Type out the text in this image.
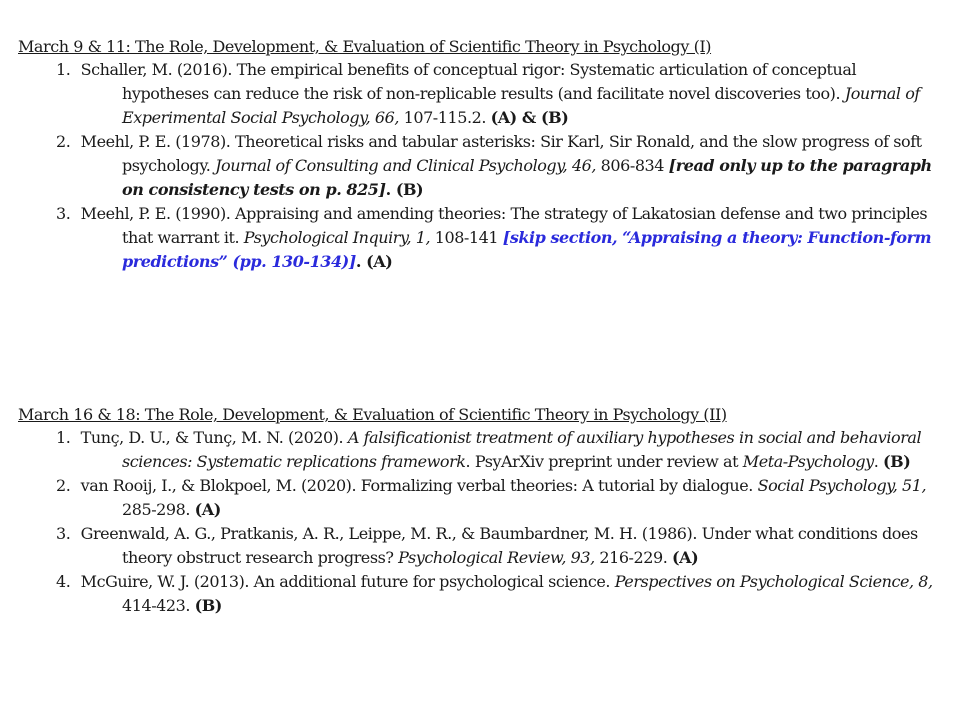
March 9 & 11: The Role, Development, & Evaluation of Scientific Theory in Psychology (I)

1. Schaller, M. (2016). The empirical benefits of conceptual rigor: Systematic articulation of conceptual hypotheses can reduce the risk of non-replicable results (and facilitate novel discoveries too). Journal of Experimental Social Psychology, 66, 107-115.2. (A) & (B)
2. Meehl, P. E. (1978). Theoretical risks and tabular asterisks: Sir Karl, Sir Ronald, and the slow progress of soft psychology. Journal of Consulting and Clinical Psychology, 46, 806-834 [read only up to the paragraph on consistency tests on p. 825]. (B)
3. Meehl, P. E. (1990). Appraising and amending theories: The strategy of Lakatosian defense and two principles that warrant it. Psychological Inquiry, 1, 108-141 [skip section, “Appraising a theory: Function-form predictions” (pp. 130-134)]. (A)

March 16 & 18: The Role, Development, & Evaluation of Scientific Theory in Psychology (II)

1. Tunç, D. U., & Tunç, M. N. (2020). A falsificationist treatment of auxiliary hypotheses in social and behavioral sciences: Systematic replications framework. PsyArXiv preprint under review at Meta-Psychology. (B)
2. van Rooij, I., & Blokpoel, M. (2020). Formalizing verbal theories: A tutorial by dialogue. Social Psychology, 51, 285-298. (A)
3. Greenwald, A. G., Pratkanis, A. R., Leippe, M. R., & Baumbardner, M. H. (1986). Under what conditions does theory obstruct research progress? Psychological Review, 93, 216-229. (A)
4. McGuire, W. J. (2013). An additional future for psychological science. Perspectives on Psychological Science, 8, 414-423. (B)
